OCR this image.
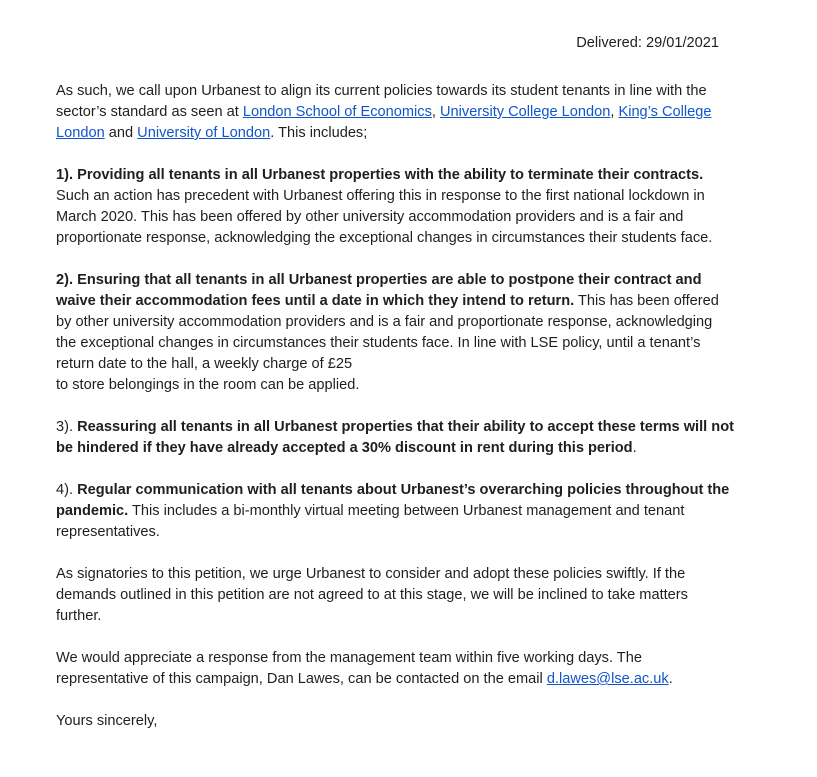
Delivered: 29/01/2021

As such, we call upon Urbanest to align its current policies towards its student tenants in line with the sector’s standard as seen at London School of Economics, University College London, King’s College London and University of London. This includes;

1). Providing all tenants in all Urbanest properties with the ability to terminate their contracts. Such an action has precedent with Urbanest offering this in response to the first national lockdown in March 2020. This has been offered by other university accommodation providers and is a fair and proportionate response, acknowledging the exceptional changes in circumstances their students face.

2). Ensuring that all tenants in all Urbanest properties are able to postpone their contract and waive their accommodation fees until a date in which they intend to return. This has been offered by other university accommodation providers and is a fair and proportionate response, acknowledging the exceptional changes in circumstances their students face. In line with LSE policy, until a tenant’s return date to the hall, a weekly charge of £25
to store belongings in the room can be applied.

3). Reassuring all tenants in all Urbanest properties that their ability to accept these terms will not be hindered if they have already accepted a 30% discount in rent during this period.

4). Regular communication with all tenants about Urbanest’s overarching policies throughout the pandemic. This includes a bi-monthly virtual meeting between Urbanest management and tenant representatives.

As signatories to this petition, we urge Urbanest to consider and adopt these policies swiftly. If the demands outlined in this petition are not agreed to at this stage, we will be inclined to take matters further.

We would appreciate a response from the management team within five working days. The representative of this campaign, Dan Lawes, can be contacted on the email d.lawes@lse.ac.uk.

Yours sincerely,
